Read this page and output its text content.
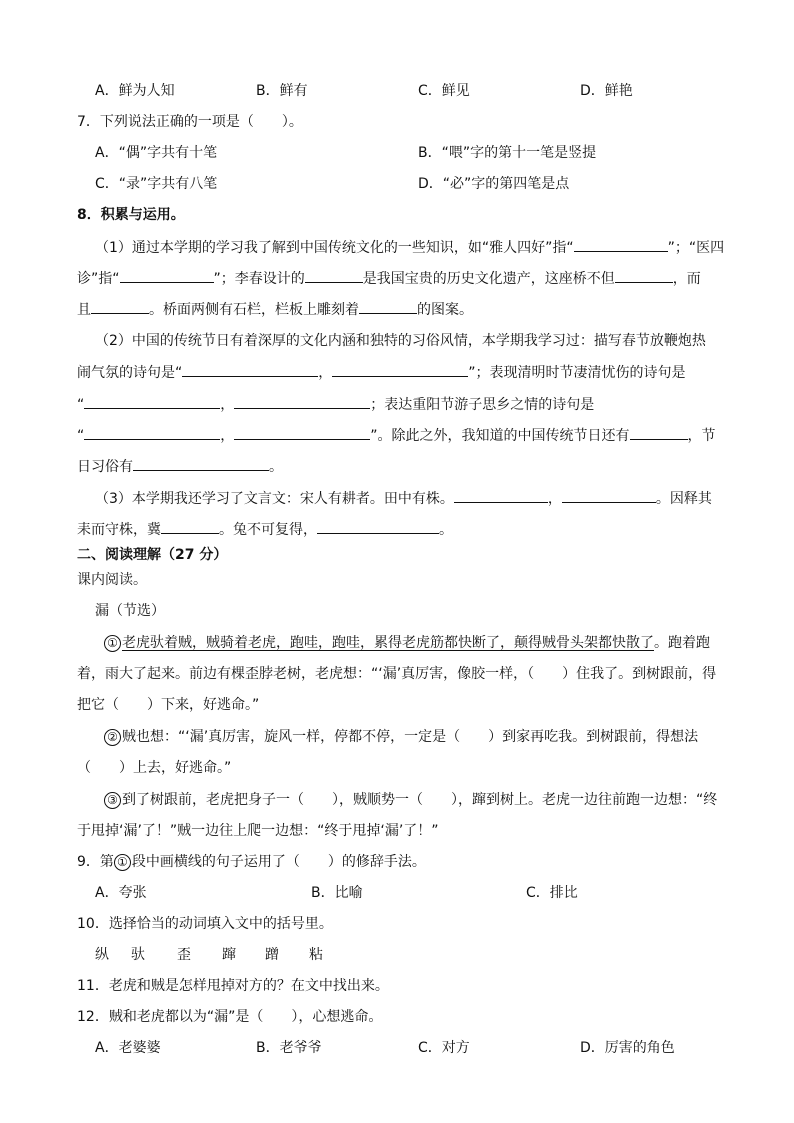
A．鲜为人知	B．鲜有	C．鲜见	D．鲜艳
7．下列说法正确的一项是（　　）。
A．“偶”字共有十笔	B．“喂”字的第十一笔是竖提
C．“录”字共有八笔	D．“必”字的第四笔是点
8．积累与运用。
（1）通过本学期的学习我了解到中国传统文化的一些知识，如“雅人四好”指“	”；“医四
诊”指“	”；李春设计的	是我国宝贵的历史文化遗产，这座桥不但	，而
且	。桥面两侧有石栏，栏板上雕刻着	的图案。
（2）中国的传统节日有着深厚的文化内涵和独特的习俗风情，本学期我学习过：描写春节放鞭炮热
闹气氛的诗句是“	，	”；表现清明时节凄清忧伤的诗句是
“	，	；表达重阳节游子思乡之情的诗句是
“	，	”。除此之外，我知道的中国传统节日还有	，节
日习俗有	。
（3）本学期我还学习了文言文：宋人有耕者。田中有株。	，	。因释其
耒而守株，冀	。兔不可复得，	。
二、阅读理解（27 分）
课内阅读。
漏（节选）
① 老虎驮着贼，贼骑着老虎，跑哇，跑哇，累得老虎筋都快断了，颠得贼骨头架都快散了。跑着跑
着，雨大了起来。前边有棵歪脖老树，老虎想：“‘漏’真厉害，像胶一样，（　　）住我了。到树跟前，得
把它（　　）下来，好逃命。”
② 贼也想：“‘漏’真厉害，旋风一样，停都不停，一定是（　　）到家再吃我。到树跟前，得想法
（　　）上去，好逃命。”
③ 到了树跟前，老虎把身子一（　　），贼顺势一（　　），蹿到树上。老虎一边往前跑一边想：“终
于甩掉‘漏’了！”贼一边往上爬一边想：“终于甩掉‘漏’了！”
9．第 ① 段中画横线的句子运用了（　　）的修辞手法。
A．夸张	B．比喻	C．排比
10．选择恰当的动词填入文中的括号里。
纵 驮 歪 蹿 蹭 粘
11．老虎和贼是怎样甩掉对方的？在文中找出来。
12．贼和老虎都以为“漏”是（　　），心想逃命。
A．老婆婆	B．老爷爷	C．对方	D．厉害的角色
